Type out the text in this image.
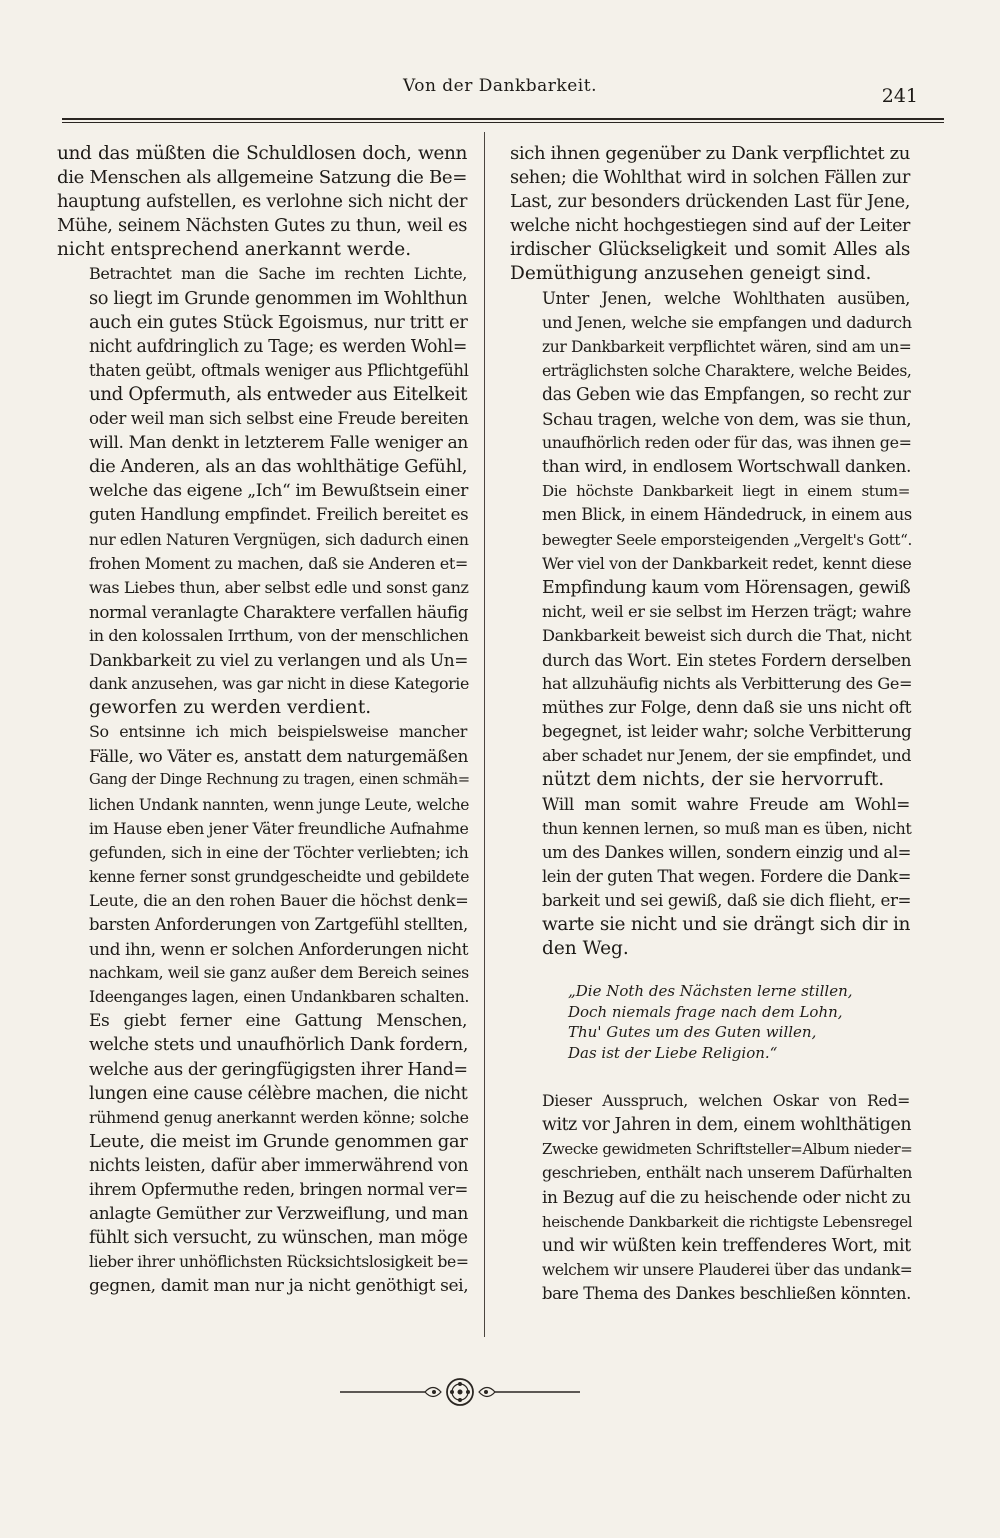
Von der Dankbarkeit.	241

und das müßten die Schuldlosen doch, wenn
die Menschen als allgemeine Satzung die Be=
hauptung aufstellen, es verlohne sich nicht der
Mühe, seinem Nächsten Gutes zu thun, weil es
nicht entsprechend anerkannt werde.

Betrachtet man die Sache im rechten Lichte,
so liegt im Grunde genommen im Wohlthun
auch ein gutes Stück Egoismus, nur tritt er
nicht aufdringlich zu Tage; es werden Wohl=
thaten geübt, oftmals weniger aus Pflichtgefühl
und Opfermuth, als entweder aus Eitelkeit
oder weil man sich selbst eine Freude bereiten
will. Man denkt in letzterem Falle weniger an
die Anderen, als an das wohlthätige Gefühl,
welche das eigene „Ich“ im Bewußtsein einer
guten Handlung empfindet. Freilich bereitet es
nur edlen Naturen Vergnügen, sich dadurch einen
frohen Moment zu machen, daß sie Anderen et=
was Liebes thun, aber selbst edle und sonst ganz
normal veranlagte Charaktere verfallen häufig
in den kolossalen Irrthum, von der menschlichen
Dankbarkeit zu viel zu verlangen und als Un=
dank anzusehen, was gar nicht in diese Kategorie
geworfen zu werden verdient.

So entsinne ich mich beispielsweise mancher
Fälle, wo Väter es, anstatt dem naturgemäßen
Gang der Dinge Rechnung zu tragen, einen schmäh=
lichen Undank nannten, wenn junge Leute, welche
im Hause eben jener Väter freundliche Aufnahme
gefunden, sich in eine der Töchter verliebten; ich
kenne ferner sonst grundgescheidte und gebildete
Leute, die an den rohen Bauer die höchst denk=
barsten Anforderungen von Zartgefühl stellten,
und ihn, wenn er solchen Anforderungen nicht
nachkam, weil sie ganz außer dem Bereich seines
Ideenganges lagen, einen Undankbaren schalten.

Es giebt ferner eine Gattung Menschen,
welche stets und unaufhörlich Dank fordern,
welche aus der geringfügigsten ihrer Hand=
lungen eine cause célèbre machen, die nicht
rühmend genug anerkannt werden könne; solche
Leute, die meist im Grunde genommen gar
nichts leisten, dafür aber immerwährend von
ihrem Opfermuthe reden, bringen normal ver=
anlagte Gemüther zur Verzweiflung, und man
fühlt sich versucht, zu wünschen, man möge
lieber ihrer unhöflichsten Rücksichtslosigkeit be=
gegnen, damit man nur ja nicht genöthigt sei,

sich ihnen gegenüber zu Dank verpflichtet zu
sehen; die Wohlthat wird in solchen Fällen zur
Last, zur besonders drückenden Last für Jene,
welche nicht hochgestiegen sind auf der Leiter
irdischer Glückseligkeit und somit Alles als
Demüthigung anzusehen geneigt sind.

Unter Jenen, welche Wohlthaten ausüben,
und Jenen, welche sie empfangen und dadurch
zur Dankbarkeit verpflichtet wären, sind am un=
erträglichsten solche Charaktere, welche Beides,
das Geben wie das Empfangen, so recht zur
Schau tragen, welche von dem, was sie thun,
unaufhörlich reden oder für das, was ihnen ge=
than wird, in endlosem Wortschwall danken.

Die höchste Dankbarkeit liegt in einem stum=
men Blick, in einem Händedruck, in einem aus
bewegter Seele emporsteigenden „Vergelt's Gott“.
Wer viel von der Dankbarkeit redet, kennt diese
Empfindung kaum vom Hörensagen, gewiß
nicht, weil er sie selbst im Herzen trägt; wahre
Dankbarkeit beweist sich durch die That, nicht
durch das Wort. Ein stetes Fordern derselben
hat allzuhäufig nichts als Verbitterung des Ge=
müthes zur Folge, denn daß sie uns nicht oft
begegnet, ist leider wahr; solche Verbitterung
aber schadet nur Jenem, der sie empfindet, und
nützt dem nichts, der sie hervorruft.

Will man somit wahre Freude am Wohl=
thun kennen lernen, so muß man es üben, nicht
um des Dankes willen, sondern einzig und al=
lein der guten That wegen. Fordere die Dank=
barkeit und sei gewiß, daß sie dich flieht, er=
warte sie nicht und sie drängt sich dir in
den Weg.

„Die Noth des Nächsten lerne stillen,
Doch niemals frage nach dem Lohn,
Thu' Gutes um des Guten willen,
Das ist der Liebe Religion.“

Dieser Ausspruch, welchen Oskar von Red=
witz vor Jahren in dem, einem wohlthätigen
Zwecke gewidmeten Schriftsteller=Album nieder=
geschrieben, enthält nach unserem Dafürhalten
in Bezug auf die zu heischende oder nicht zu
heischende Dankbarkeit die richtigste Lebensregel
und wir wüßten kein treffenderes Wort, mit
welchem wir unsere Plauderei über das undank=
bare Thema des Dankes beschließen könnten.
